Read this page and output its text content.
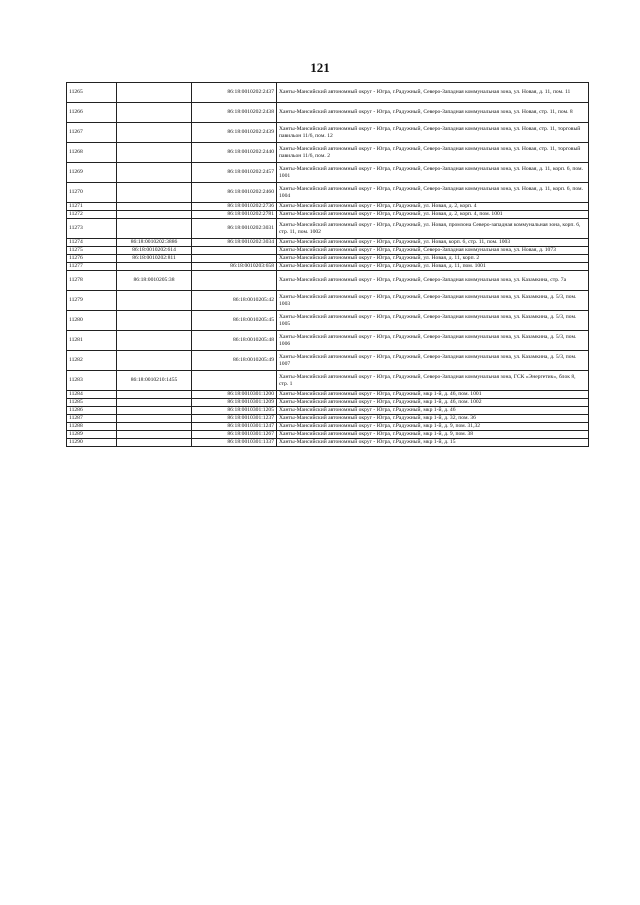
121
11265		86:18:0010202:2437	Ханты-Мансийский автономный округ - Югра, г.Радужный, Северо-Западная коммунальная зона, ул. Новая, д. 11, пом. 11
11266		86:18:0010202:2438	Ханты-Мансийский автономный округ - Югра, г.Радужный, Северо-Западная коммунальная зона, ул. Новая, стр. 11, пом. 8
11267		86:18:0010202:2439	Ханты-Мансийский автономный округ - Югра, г.Радужный, Северо-Западная коммунальная зона, ул. Новая, стр. 11, торговый павильон 11/6, пом. 12
11268		86:18:0010202:2440	Ханты-Мансийский автономный округ - Югра, г.Радужный, Северо-Западная коммунальная зона, ул. Новая, стр. 11, торговый павильон 11/6, пом. 2
11269		86:18:0010202:2457	Ханты-Мансийский автономный округ - Югра, г.Радужный, Северо-Западная коммунальная зона, ул. Новая, д. 11, корп. 6, пом. 1001
11270		86:18:0010202:2460	Ханты-Мансийский автономный округ - Югра, г.Радужный, Северо-Западная коммунальная зона, ул. Новая, д. 11, корп. 6, пом. 1004
11271		86:18:0010202:2736	Ханты-Мансийский автономный округ - Югра, г.Радужный, ул. Новая, д. 2, корп. 4
11272		86:18:0010202:2781	Ханты-Мансийский автономный округ - Югра, г.Радужный, ул. Новая, д. 2, корп. 4, пом. 1001
11273		86:18:0010202:3031	Ханты-Мансийский автономный округ - Югра, г.Радужный, ул. Новая, промзона Северо-западная коммунальная зона, корп. 6, стр. 11, пом. 1002
11274	86:18:0010202:3886	86:18:0010202:3034	Ханты-Мансийский автономный округ - Югра, г.Радужный, ул. Новая, корп. 6, стр. 11, пом. 1003
11275	86:18:0010202:614		Ханты-Мансийский автономный округ - Югра, г.Радужный, Северо-Западная коммунальная зона, ул. Новая, д. 1073
11276	86:18:0010202:811		Ханты-Мансийский автономный округ - Югра, г.Радужный, ул. Новая, д. 11, корп. 2
11277		86:18:0010203:658	Ханты-Мансийский автономный округ - Югра, г.Радужный, ул. Новая, д. 11, пом. 1001
11278	86:18:0010205:38		Ханты-Мансийский автономный округ - Югра, г.Радужный, Северо-Западная коммунальная зона, ул. Казамкина, стр. 7а
11279		86:18:0010205:42	Ханты-Мансийский автономный округ - Югра, г.Радужный, Северо-Западная коммунальная зона, ул. Казамкина, д. 5/3, пом. 1003
11280		86:18:0010205:45	Ханты-Мансийский автономный округ - Югра, г.Радужный, Северо-Западная коммунальная зона, ул. Казамкина, д. 5/3, пом. 1005
11281		86:18:0010205:48	Ханты-Мансийский автономный округ - Югра, г.Радужный, Северо-Западная коммунальная зона, ул. Казамкина, д. 5/3, пом. 1006
11282		86:18:0010205:49	Ханты-Мансийский автономный округ - Югра, г.Радужный, Северо-Западная коммунальная зона, ул. Казамкина, д. 5/3, пом. 1007
11283	86:18:0010210:1455		Ханты-Мансийский автономный округ - Югра, г.Радужный, Северо-Западная коммунальная зона, ГСК «Энергетик», блок 8, стр. 1
11284		86:18:0010301:1200	Ханты-Мансийский автономный округ - Югра, г.Радужный, мкр 1-й, д. 46, пом. 1001
11285		86:18:0010301:1209	Ханты-Мансийский автономный округ - Югра, г.Радужный, мкр 1-й, д. 46, пом. 1002
11286		86:18:0010301:1205	Ханты-Мансийский автономный округ - Югра, г.Радужный, мкр 1-й, д. 46
11287		86:18:0010301:1237	Ханты-Мансийский автономный округ - Югра, г.Радужный, мкр 1-й, д. 32, пом. 36
11288		86:18:0010301:1247	Ханты-Мансийский автономный округ - Югра, г.Радужный, мкр 1-й, д. 9, пом. 31,32
11289		86:18:0010301:1267	Ханты-Мансийский автономный округ - Югра, г.Радужный, мкр 1-й, д. 9, пом. 38
11290		86:18:0010301:1337	Ханты-Мансийский автономный округ - Югра, г.Радужный, мкр 1-й, д. 15
